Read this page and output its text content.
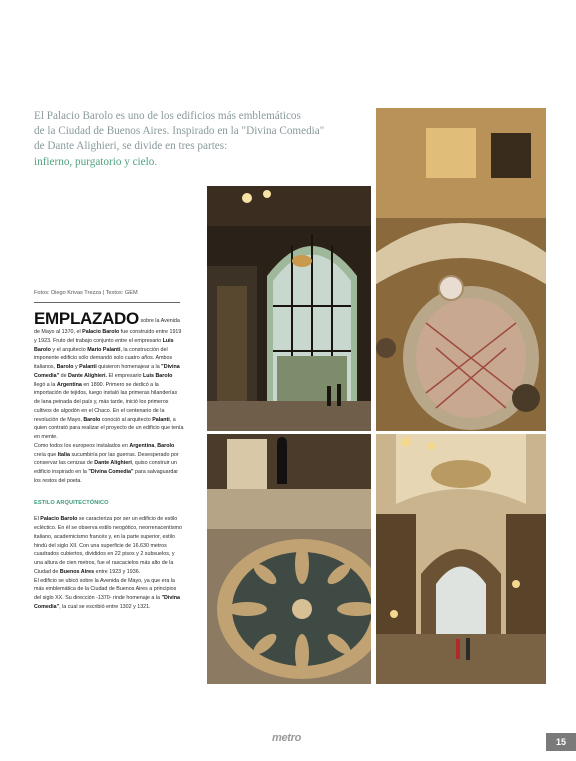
El Palacio Barolo es uno de los edificios más emblemáticos
de la Ciudad de Buenos Aires. Inspirado en la "Divina Comedia"
de Dante Alighieri, se divide en tres partes:
infierno, purgatorio y cielo.
Fotos: Diego Krivas Trezza | Textos: GEM

EMPLAZADO sobre la Avenida de Mayo al 1370, el Palacio Barolo fue construido entre 1919 y 1923. Fruto del trabajo conjunto entre el empresario Luis Barolo y el arquitecto Mario Palanti, la construcción del imponente edificio sólo demandó solo cuatro años. Ambos italianos, Barolo y Palanti quisieron homenajear a la "Divina Comedia" de Dante Alighieri. El empresario Luis Barolo llegó a la Argentina en 1890. Primero se dedicó a la importación de tejidos, luego instaló las primeras hilanderías de lana peinada del país y, más tarde, inició los primeros cultivos de algodón en el Chaco. En el centenario de la revolución de Mayo, Barolo conoció al arquitecto Palanti, a quien contrató para realizar el proyecto de un edificio que tenía en mente.

Como todos los europeos instalados en Argentina, Barolo creía que Italia sucumbiría por las guerras. Desesperado por conservar las cenizas de Dante Alighieri, quiso construir un edificio inspirado en la "Divina Comedia" para salvaguardar los restos del poeta.

ESTILO ARQUITECTÓNICO

El Palacio Barolo se caracteriza por ser un edificio de estilo ecléctico. En él se observa estilo neogótico, neorrenacentismo italiano, academicismo francés y, en la parte superior, estilo hindú del siglo XII. Con una superficie de 16.630 metros cuadrados cubiertos, divididos en 22 pisos y 2 subsuelos, y una altura de cien metros, fue el rascacielos más alto de la Ciudad de Buenos Aires entre 1923 y 1936.

El edificio se ubicó sobre la Avenida de Mayo, ya que era la más emblemática de la Ciudad de Buenos Aires a principios del siglo XX. Su dirección -1370- rinde homenaje a la "Divina Comedia", la cual se escribió entre 1302 y 1321.

metro	15
